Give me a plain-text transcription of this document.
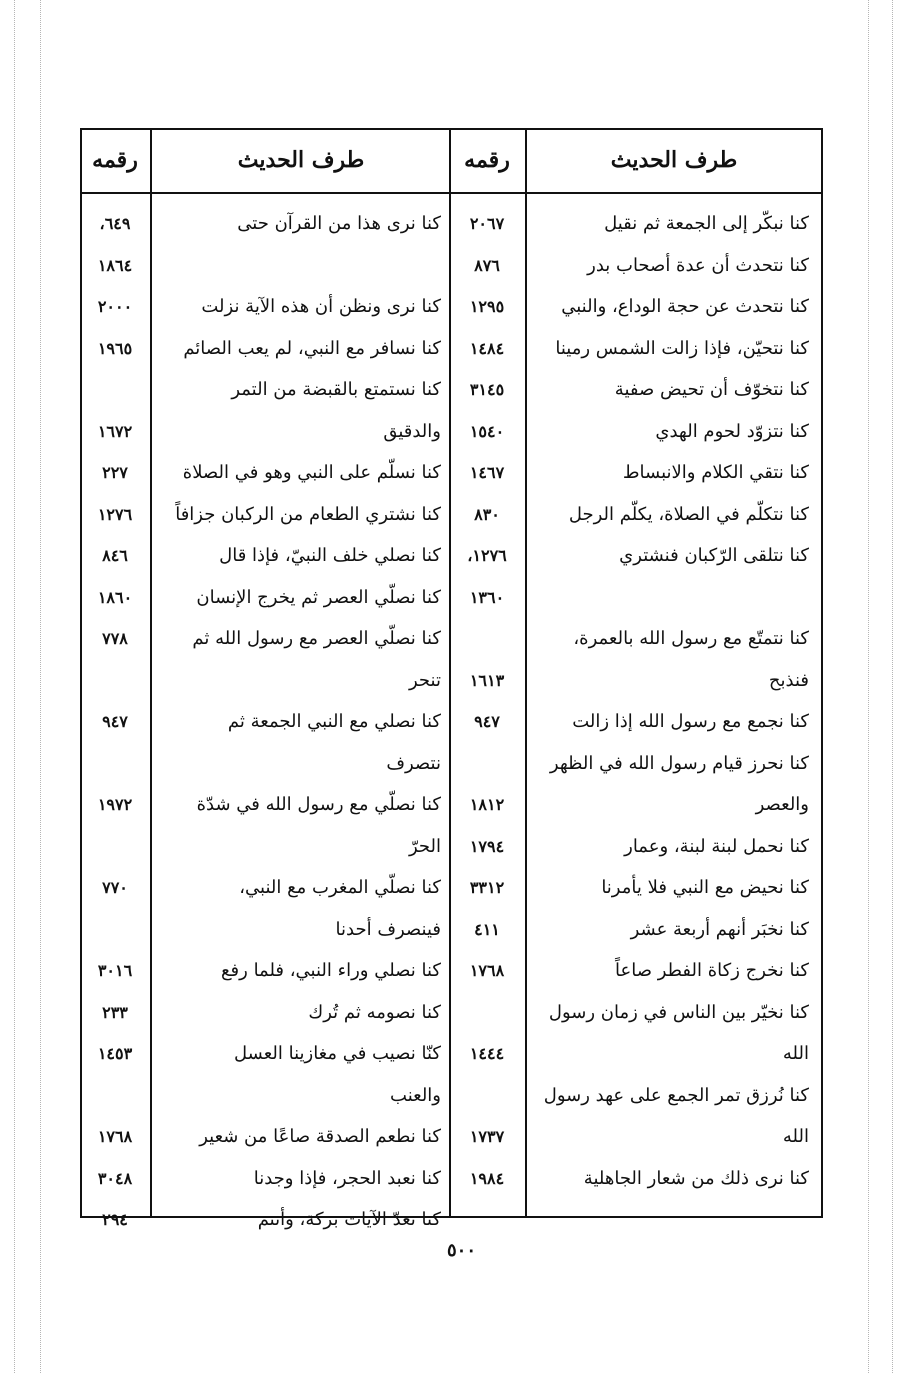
طرف الحديث
رقمه
طرف الحديث
رقمه
كنا نبكّر إلى الجمعة ثم نقيل
٢٠٦٧
كنا نتحدث أن عدة أصحاب بدر
٨٧٦
كنا نتحدث عن حجة الوداع، والنبي
١٢٩٥
كنا نتحيّن، فإذا زالت الشمس رمينا
١٤٨٤
كنا نتخوّف أن تحيض صفية
٣١٤٥
كنا نتزوّد لحوم الهدي
١٥٤٠
كنا نتقي الكلام والانبساط
١٤٦٧
كنا نتكلّم في الصلاة، يكلّم الرجل
٨٣٠
كنا نتلقى الرّكبان فنشتري
١٢٧٦،
١٣٦٠
كنا نتمتّع مع رسول الله بالعمرة،
فنذبح
١٦١٣
كنا نجمع مع رسول الله إذا زالت
٩٤٧
كنا نحرز قيام رسول الله في الظهر
والعصر
١٨١٢
كنا نحمل لبنة لبنة، وعمار
١٧٩٤
كنا نحيض مع النبي فلا يأمرنا
٣٣١٢
كنا نخبَر أنهم أربعة عشر
٤١١
كنا نخرج زكاة الفطر صاعاً
١٧٦٨
كنا نخيّر بين الناس في زمان رسول
الله
١٤٤٤
كنا نُرزق تمر الجمع على عهد رسول
الله
١٧٣٧
كنا نرى ذلك من شعار الجاهلية
١٩٨٤
كنا نرى هذا من القرآن حتى
٦٤٩،
١٨٦٤
كنا نرى ونظن أن هذه الآية نزلت
٢٠٠٠
كنا نسافر مع النبي، لم يعب الصائم
١٩٦٥
كنا نستمتع بالقبضة من التمر
والدقيق
١٦٧٢
كنا نسلّم على النبي وهو في الصلاة
٢٢٧
كنا نشتري الطعام من الركبان جزافاً
١٢٧٦
كنا نصلي خلف النبيّ، فإذا قال
٨٤٦
كنا نصلّي العصر ثم يخرج الإنسان
١٨٦٠
كنا نصلّي العصر مع رسول الله ثم
٧٧٨
تنحر
كنا نصلي مع النبي الجمعة ثم
٩٤٧
نتصرف
كنا نصلّي مع رسول الله في شدّة
١٩٧٢
الحرّ
كنا نصلّي المغرب مع النبي،
٧٧٠
فينصرف أحدنا
كنا نصلي وراء النبي، فلما رفع
٣٠١٦
كنا نصومه ثم تُرك
٢٣٣
كنّا نصيب في مغازينا العسل
١٤٥٣
والعنب
كنا نطعم الصدقة صاعًا من شعير
١٧٦٨
كنا نعبد الحجر، فإذا وجدنا
٣٠٤٨
كنا نعدّ الآيات بركة، وأنتم
٢٩٤
٥٠٠
